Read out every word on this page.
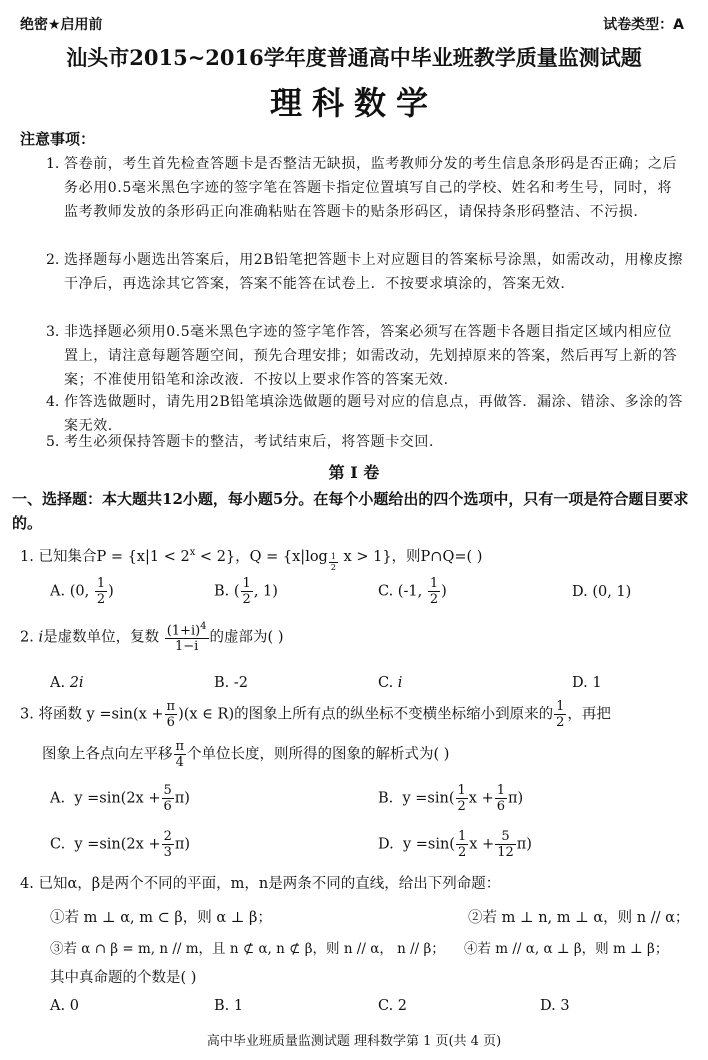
绝密★启用前	试卷类型：A
汕头市2015~2016学年度普通高中毕业班教学质量监测试题
理科数学
注意事项：
1. 答卷前，考生首先检查答题卡是否整洁无缺损，监考教师分发的考生信息条形码是否正确；之后务必用0.5毫米黑色字迹的签字笔在答题卡指定位置填写自己的学校、姓名和考生号，同时，将监考教师发放的条形码正向准确粘贴在答题卡的贴条形码区，请保持条形码整洁、不污损.
2. 选择题每小题选出答案后，用2B铅笔把答题卡上对应题目的答案标号涂黑，如需改动，用橡皮擦干净后，再选涂其它答案，答案不能答在试卷上．不按要求填涂的，答案无效.
3. 非选择题必须用0.5毫米黑色字迹的签字笔作答，答案必须写在答题卡各题目指定区域内相应位置上，请注意每题答题空间，预先合理安排；如需改动，先划掉原来的答案，然后再写上新的答案；不准使用铅笔和涂改液．不按以上要求作答的答案无效.
4. 作答选做题时，请先用2B铅笔填涂选做题的题号对应的信息点，再做答．漏涂、错涂、多涂的答案无效.
5. 考生必须保持答题卡的整洁，考试结束后，将答题卡交回.
第 I 卷
一、选择题：本大题共12小题，每小题5分。在每个小题给出的四个选项中，只有一项是符合题目要求的。
1. 已知集合$P = \{x|1 < 2^x < 2\}$，Q = {x|log $_{\frac{1}{2}}$ x > 1}，则P∩Q=( )
A. (0, $\frac{1}{2}$ )	B. ( $\frac{1}{2}$ , 1)	C. (-1, $\frac{1}{2}$ )	D. (0, 1)
2. i是虚数单位，复数 $\frac{(1+i)^4}{1-i}$ 的虚部为( )
A. 2i	B. -2	C. i	D. 1
3. 将函数 $y =\sin(x + \frac{\pi}{6} )(x$ ∈ R)的图象上所有点的纵坐标不变横坐标缩小到原来的 $\frac{1}{2}$ ，再把
图象上各点向左平移 $\frac{\pi}{4}$ 个单位长度，则所得的图象的解析式为( )
A. $y =\sin(2x + \frac{5}{6} \pi)$	B. $y =\sin( \frac{1}{2}$ $x + \frac{1}{6} \pi$)
C. $y =\sin(2x + \frac{2}{3} \pi)$	D. $y =\sin( \frac{1}{2}$ $x + \frac{5}{12} \pi$)
4. 已知α，β是两个不同的平面，m，n是两条不同的直线，给出下列命题：
①若 m ⊥ α, m ⊂ β，则 α ⊥ β；	②若 m ⊥ n, m ⊥ α，则 n // α；
③若 α ∩ β = m, n // m，且 n ⊄ α, n ⊄ β，则 n // α， n // β； ④若 m // α, α ⊥ β，则 m ⊥ β；
其中真命题的个数是( )
A. 0	B. 1	C. 2	D. 3
高中毕业班质量监测试题 理科数学第 1 页(共 4 页)
